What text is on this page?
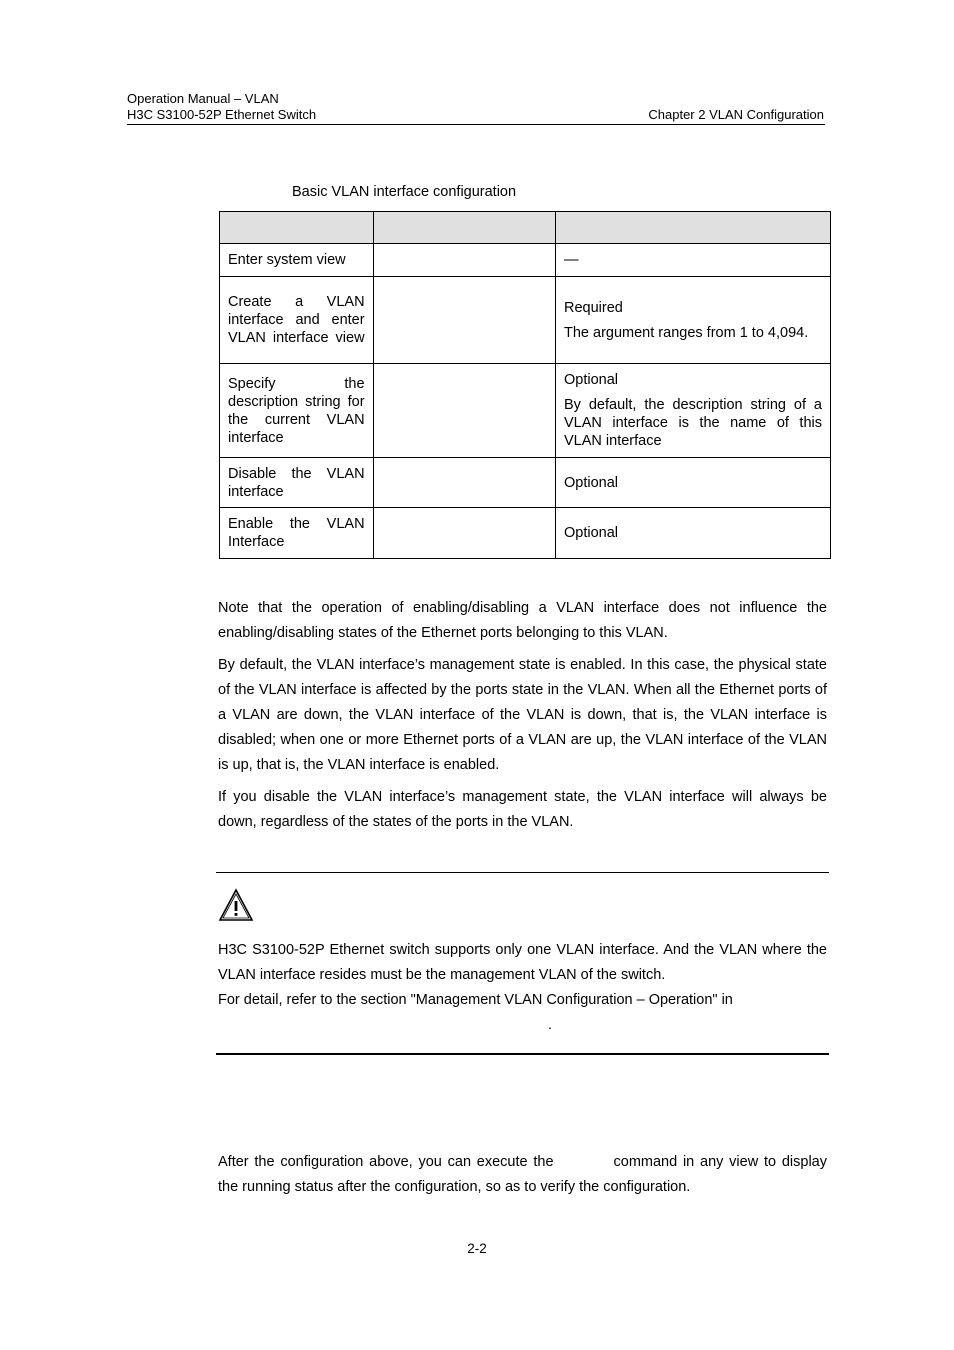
Operation Manual – VLAN
H3C S3100-52P Ethernet Switch	Chapter 2 VLAN Configuration
Basic VLAN interface configuration

Enter system view		—

Create a VLAN interface and enter VLAN interface view		Required

The argument ranges from 1 to 4,094.

Specify the description string for the current VLAN interface		Optional

By default, the description string of a VLAN interface is the name of this VLAN interface

Disable the VLAN interface		Optional

Enable the VLAN Interface		Optional

Note that the operation of enabling/disabling a VLAN interface does not influence the enabling/disabling states of the Ethernet ports belonging to this VLAN.

By default, the VLAN interface’s management state is enabled. In this case, the physical state of the VLAN interface is affected by the ports state in the VLAN. When all the Ethernet ports of a VLAN are down, the VLAN interface of the VLAN is down, that is, the VLAN interface is disabled; when one or more Ethernet ports of a VLAN are up, the VLAN interface of the VLAN is up, that is, the VLAN interface is enabled.

If you disable the VLAN interface’s management state, the VLAN interface will always be down, regardless of the states of the ports in the VLAN.

H3C S3100-52P Ethernet switch supports only one VLAN interface. And the VLAN where the VLAN interface resides must be the management VLAN of the switch.

For detail, refer to the section "Management VLAN Configuration – Operation" in

.

After the configuration above, you can execute the	command in any view to display the running status after the configuration, so as to verify the configuration.

2-2
